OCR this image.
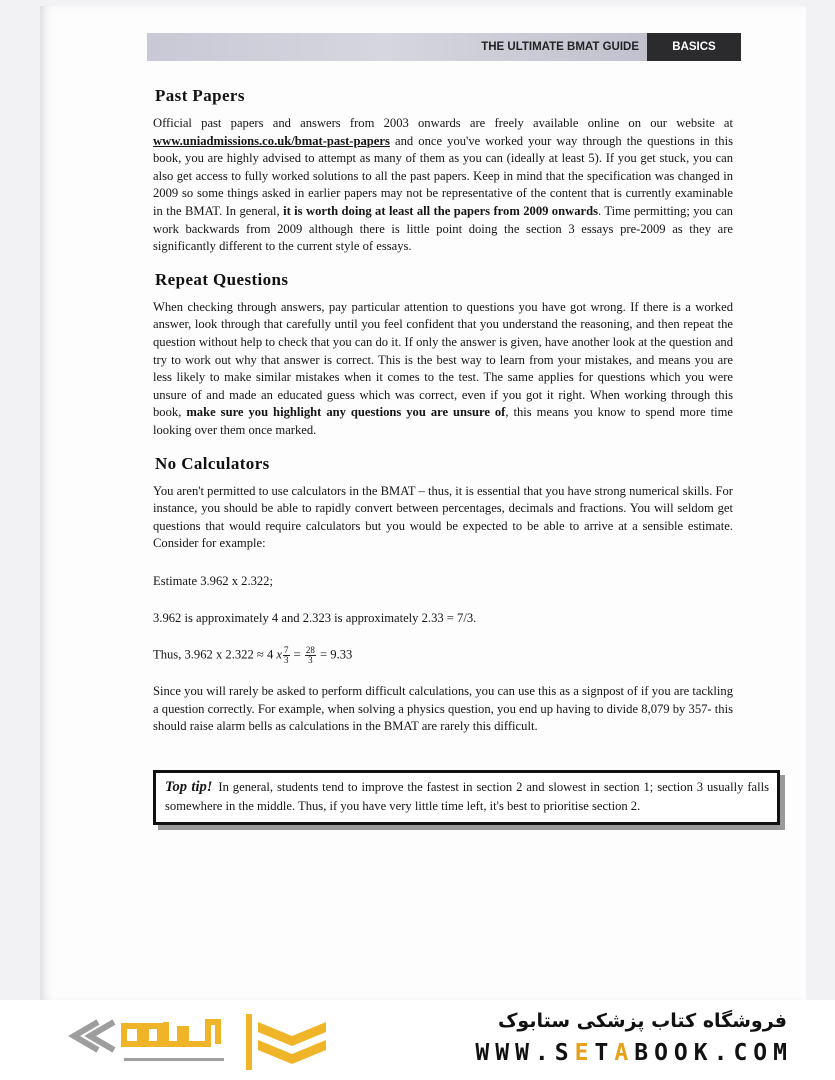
THE ULTIMATE BMAT GUIDE	BASICS
Past Papers

Official past papers and answers from 2003 onwards are freely available online on our website at www.uniadmissions.co.uk/bmat-past-papers and once you've worked your way through the questions in this book, you are highly advised to attempt as many of them as you can (ideally at least 5). If you get stuck, you can also get access to fully worked solutions to all the past papers. Keep in mind that the specification was changed in 2009 so some things asked in earlier papers may not be representative of the content that is currently examinable in the BMAT. In general, it is worth doing at least all the papers from 2009 onwards. Time permitting; you can work backwards from 2009 although there is little point doing the section 3 essays pre-2009 as they are significantly different to the current style of essays.

Repeat Questions

When checking through answers, pay particular attention to questions you have got wrong. If there is a worked answer, look through that carefully until you feel confident that you understand the reasoning, and then repeat the question without help to check that you can do it. If only the answer is given, have another look at the question and try to work out why that answer is correct. This is the best way to learn from your mistakes, and means you are less likely to make similar mistakes when it comes to the test. The same applies for questions which you were unsure of and made an educated guess which was correct, even if you got it right. When working through this book, make sure you highlight any questions you are unsure of, this means you know to spend more time looking over them once marked.

No Calculators

You aren't permitted to use calculators in the BMAT – thus, it is essential that you have strong numerical skills. For instance, you should be able to rapidly convert between percentages, decimals and fractions. You will seldom get questions that would require calculators but you would be expected to be able to arrive at a sensible estimate. Consider for example:

Estimate 3.962 x 2.322;

3.962 is approximately 4 and 2.323 is approximately 2.33 = 7/3.

Thus, 3.962 x 2.322 ≈ 4 x $\frac{7}{3} = \frac{28}{3} = 9.33$

Since you will rarely be asked to perform difficult calculations, you can use this as a signpost of if you are tackling a question correctly. For example, when solving a physics question, you end up having to divide 8,079 by 357- this should raise alarm bells as calculations in the BMAT are rarely this difficult.

Top tip! In general, students tend to improve the fastest in section 2 and slowest in section 1; section 3 usually falls somewhere in the middle. Thus, if you have very little time left, it's best to prioritise section 2.
فروشگاه کتاب پزشکی ستابوک
WWW.SETABOOK.COM
